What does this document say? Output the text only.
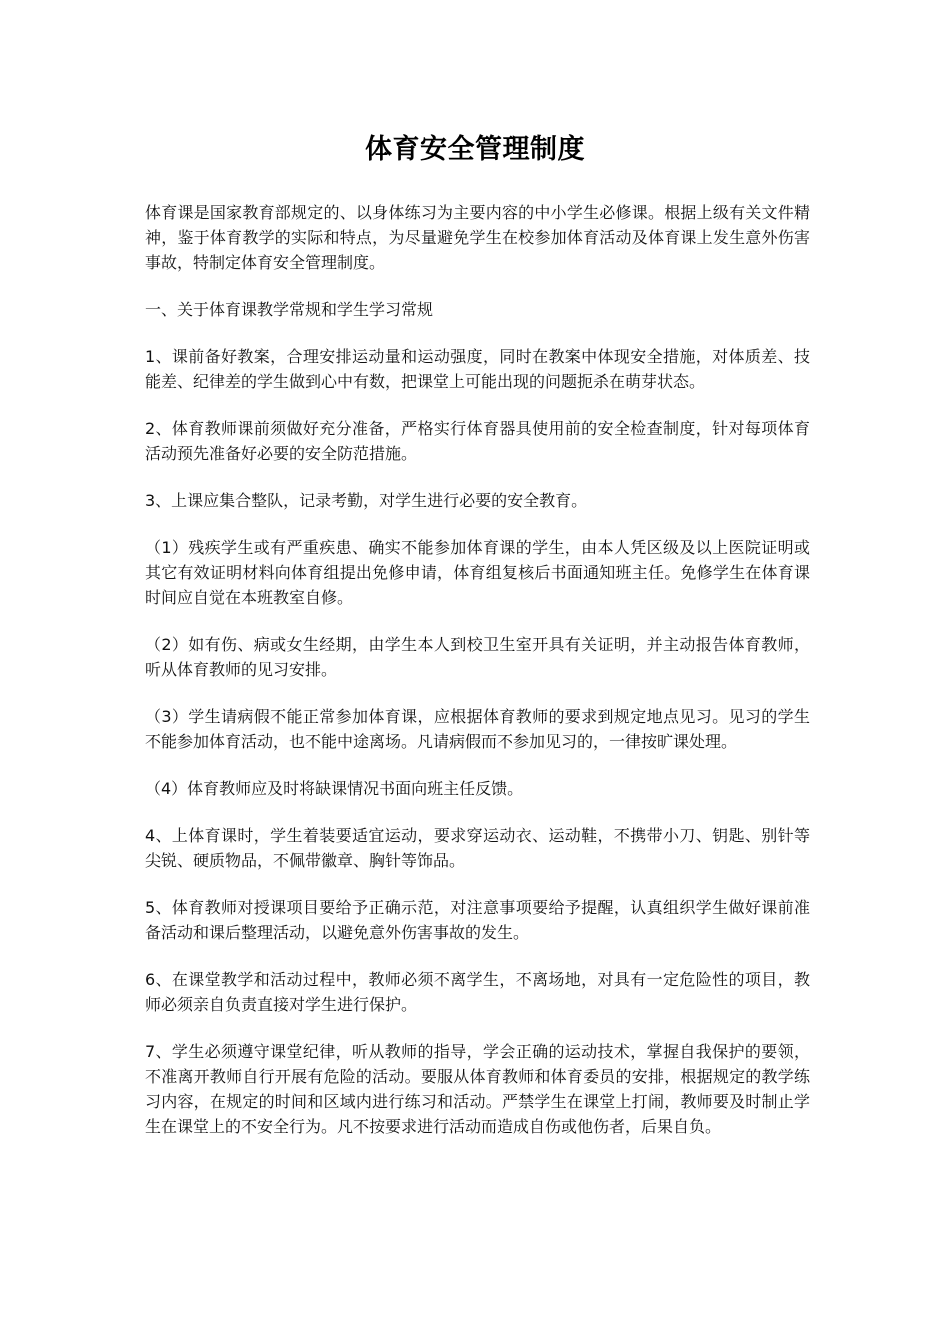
体育安全管理制度

体育课是国家教育部规定的、以身体练习为主要内容的中小学生必修课。根据上级有关文件精神，鉴于体育教学的实际和特点，为尽量避免学生在校参加体育活动及体育课上发生意外伤害事故，特制定体育安全管理制度。

一、关于体育课教学常规和学生学习常规

1、课前备好教案，合理安排运动量和运动强度，同时在教案中体现安全措施，对体质差、技能差、纪律差的学生做到心中有数，把课堂上可能出现的问题扼杀在萌芽状态。

2、体育教师课前须做好充分准备，严格实行体育器具使用前的安全检查制度，针对每项体育活动预先准备好必要的安全防范措施。

3、上课应集合整队，记录考勤，对学生进行必要的安全教育。

（1）残疾学生或有严重疾患、确实不能参加体育课的学生，由本人凭区级及以上医院证明或其它有效证明材料向体育组提出免修申请，体育组复核后书面通知班主任。免修学生在体育课时间应自觉在本班教室自修。

（2）如有伤、病或女生经期，由学生本人到校卫生室开具有关证明，并主动报告体育教师，听从体育教师的见习安排。

（3）学生请病假不能正常参加体育课，应根据体育教师的要求到规定地点见习。见习的学生不能参加体育活动，也不能中途离场。凡请病假而不参加见习的，一律按旷课处理。

（4）体育教师应及时将缺课情况书面向班主任反馈。

4、上体育课时，学生着装要适宜运动，要求穿运动衣、运动鞋，不携带小刀、钥匙、别针等尖锐、硬质物品，不佩带徽章、胸针等饰品。

5、体育教师对授课项目要给予正确示范，对注意事项要给予提醒，认真组织学生做好课前准备活动和课后整理活动，以避免意外伤害事故的发生。

6、在课堂教学和活动过程中，教师必须不离学生，不离场地，对具有一定危险性的项目，教师必须亲自负责直接对学生进行保护。

7、学生必须遵守课堂纪律，听从教师的指导，学会正确的运动技术，掌握自我保护的要领，不准离开教师自行开展有危险的活动。要服从体育教师和体育委员的安排，根据规定的教学练习内容，在规定的时间和区域内进行练习和活动。严禁学生在课堂上打闹，教师要及时制止学生在课堂上的不安全行为。凡不按要求进行活动而造成自伤或他伤者，后果自负。
